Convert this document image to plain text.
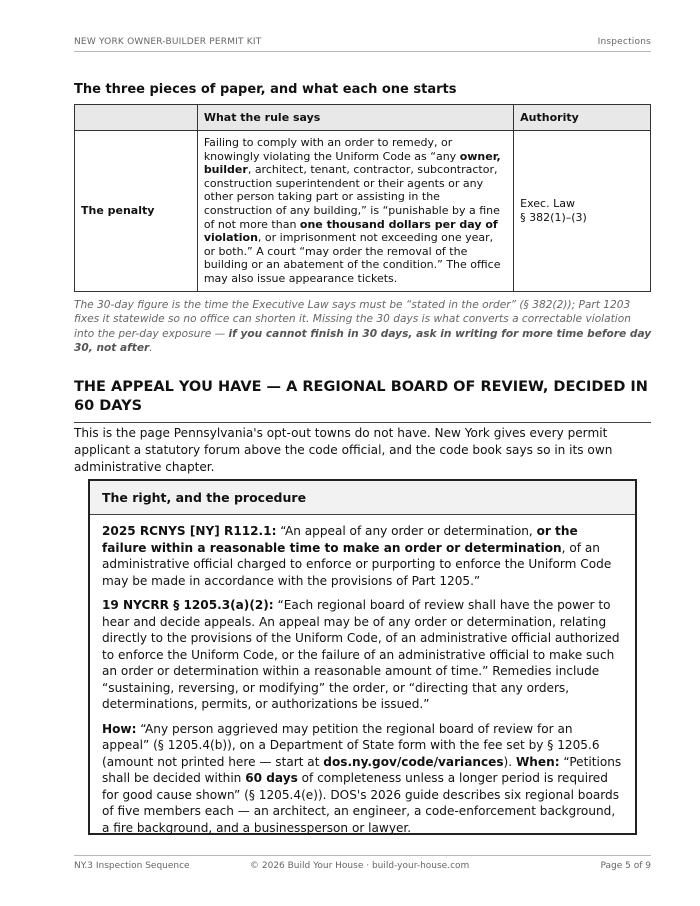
NEW YORK OWNER-BUILDER PERMIT KIT	Inspections
The three pieces of paper, and what each one starts
	What the rule says	Authority
The penalty	Failing to comply with an order to remedy, or knowingly violating the Uniform Code as “any owner, builder, architect, tenant, contractor, subcontractor, construction superintendent or their agents or any other person taking part or assisting in the construction of any building,” is “punishable by a fine of not more than one thousand dollars per day of violation, or imprisonment not exceeding one year, or both.” A court “may order the removal of the building or an abatement of the condition.” The office may also issue appearance tickets.	Exec. Law
§ 382(1)–(3)
The 30-day figure is the time the Executive Law says must be “stated in the order” (§ 382(2)); Part 1203 fixes it statewide so no office can shorten it. Missing the 30 days is what converts a correctable violation into the per-day exposure — if you cannot finish in 30 days, ask in writing for more time before day 30, not after.
THE APPEAL YOU HAVE — A REGIONAL BOARD OF REVIEW, DECIDED IN 60 DAYS
This is the page Pennsylvania's opt-out towns do not have. New York gives every permit applicant a statutory forum above the code official, and the code book says so in its own administrative chapter.
The right, and the procedure

2025 RCNYS [NY] R112.1: “An appeal of any order or determination, or the failure within a reasonable time to make an order or determination, of an administrative official charged to enforce or purporting to enforce the Uniform Code may be made in accordance with the provisions of Part 1205.”

19 NYCRR § 1205.3(a)(2): “Each regional board of review shall have the power to hear and decide appeals. An appeal may be of any order or determination, relating directly to the provisions of the Uniform Code, of an administrative official authorized to enforce the Uniform Code, or the failure of an administrative official to make such an order or determination within a reasonable amount of time.” Remedies include “sustaining, reversing, or modifying” the order, or “directing that any orders, determinations, permits, or authorizations be issued.”

How: “Any person aggrieved may petition the regional board of review for an appeal” (§ 1205.4(b)), on a Department of State form with the fee set by § 1205.6 (amount not printed here — start at dos.ny.gov/code/variances). When: “Petitions shall be decided within 60 days of completeness unless a longer period is required for good cause shown” (§ 1205.4(e)). DOS's 2026 guide describes six regional boards of five members each — an architect, an engineer, a code-enforcement background, a fire background, and a businessperson or lawyer.

NY.3 Inspection Sequence	© 2026 Build Your House · build-your-house.com	Page 5 of 9
